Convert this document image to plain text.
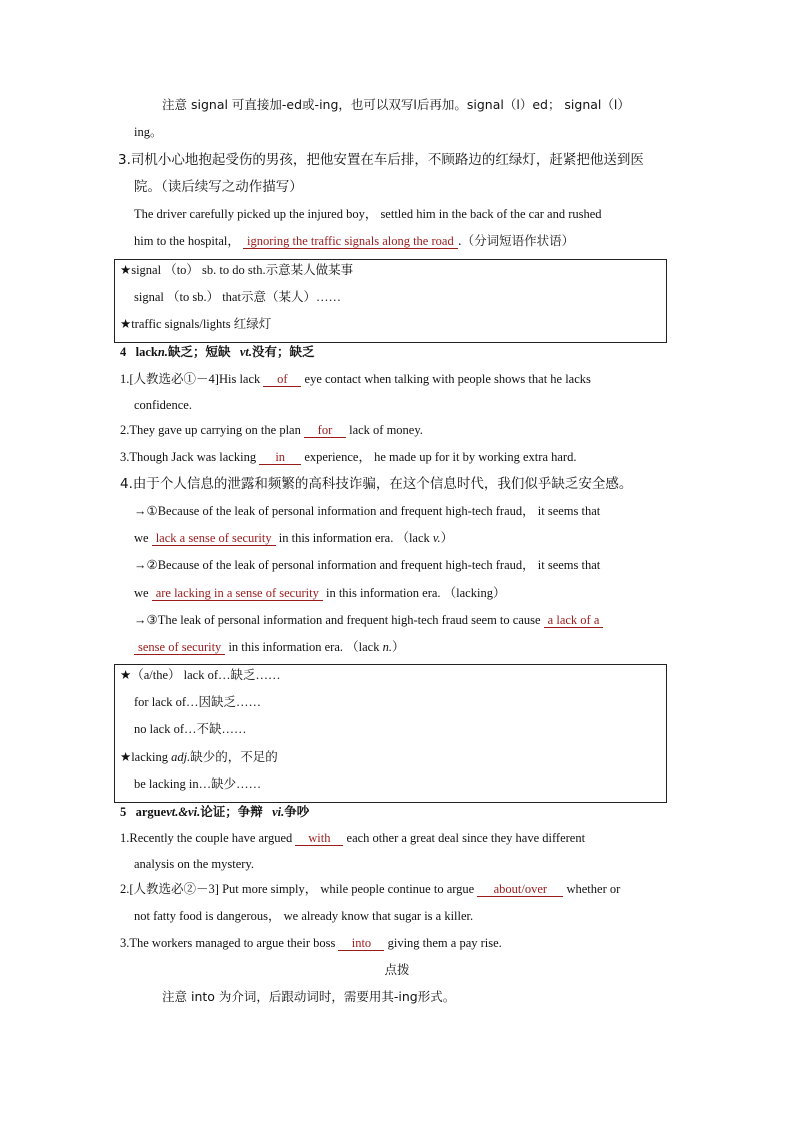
注意 signal 可直接加-ed或-ing，也可以双写l后再加。signal（l）ed； signal（l）
ing。
3.司机小心地抱起受伤的男孩，把他安置在车后排，不顾路边的红绿灯，赶紧把他送到医
院。（读后续写之动作描写）
The driver carefully picked up the injured boy， settled him in the back of the car and rushed
him to the hospital， ignoring the traffic signals along the road .（分词短语作状语）
★signal （to） sb. to do sth.示意某人做某事
signal （to sb.） that示意（某人）……
★traffic signals/lights 红绿灯
4 lackn.缺乏；短缺 vt.没有；缺乏
1.[人教选必①－4]His lack of eye contact when talking with people shows that he lacks
confidence.
2.They gave up carrying on the plan for lack of money.
3.Though Jack was lacking in experience， he made up for it by working extra hard.
4.由于个人信息的泄露和频繁的高科技诈骗，在这个信息时代，我们似乎缺乏安全感。
→①Because of the leak of personal information and frequent high-tech fraud， it seems that
we lack a sense of security in this information era. （lack v.）
→②Because of the leak of personal information and frequent high-tech fraud， it seems that
we are lacking in a sense of security in this information era. （lacking）
→③The leak of personal information and frequent high-tech fraud seem to cause a lack of a
sense of security in this information era. （lack n.）
★（a/the） lack of…缺乏……
for lack of…因缺乏……
no lack of…不缺……
★lacking adj.缺少的，不足的
be lacking in…缺少……
5 arguevt.&vi.论证；争辩 vi.争吵
1.Recently the couple have argued with each other a great deal since they have different
analysis on the mystery.
2.[人教选必②－3] Put more simply， while people continue to argue about/over whether or
not fatty food is dangerous， we already know that sugar is a killer.
3.The workers managed to argue their boss into giving them a pay rise.
点拨
注意 into 为介词，后跟动词时，需要用其-ing形式。
